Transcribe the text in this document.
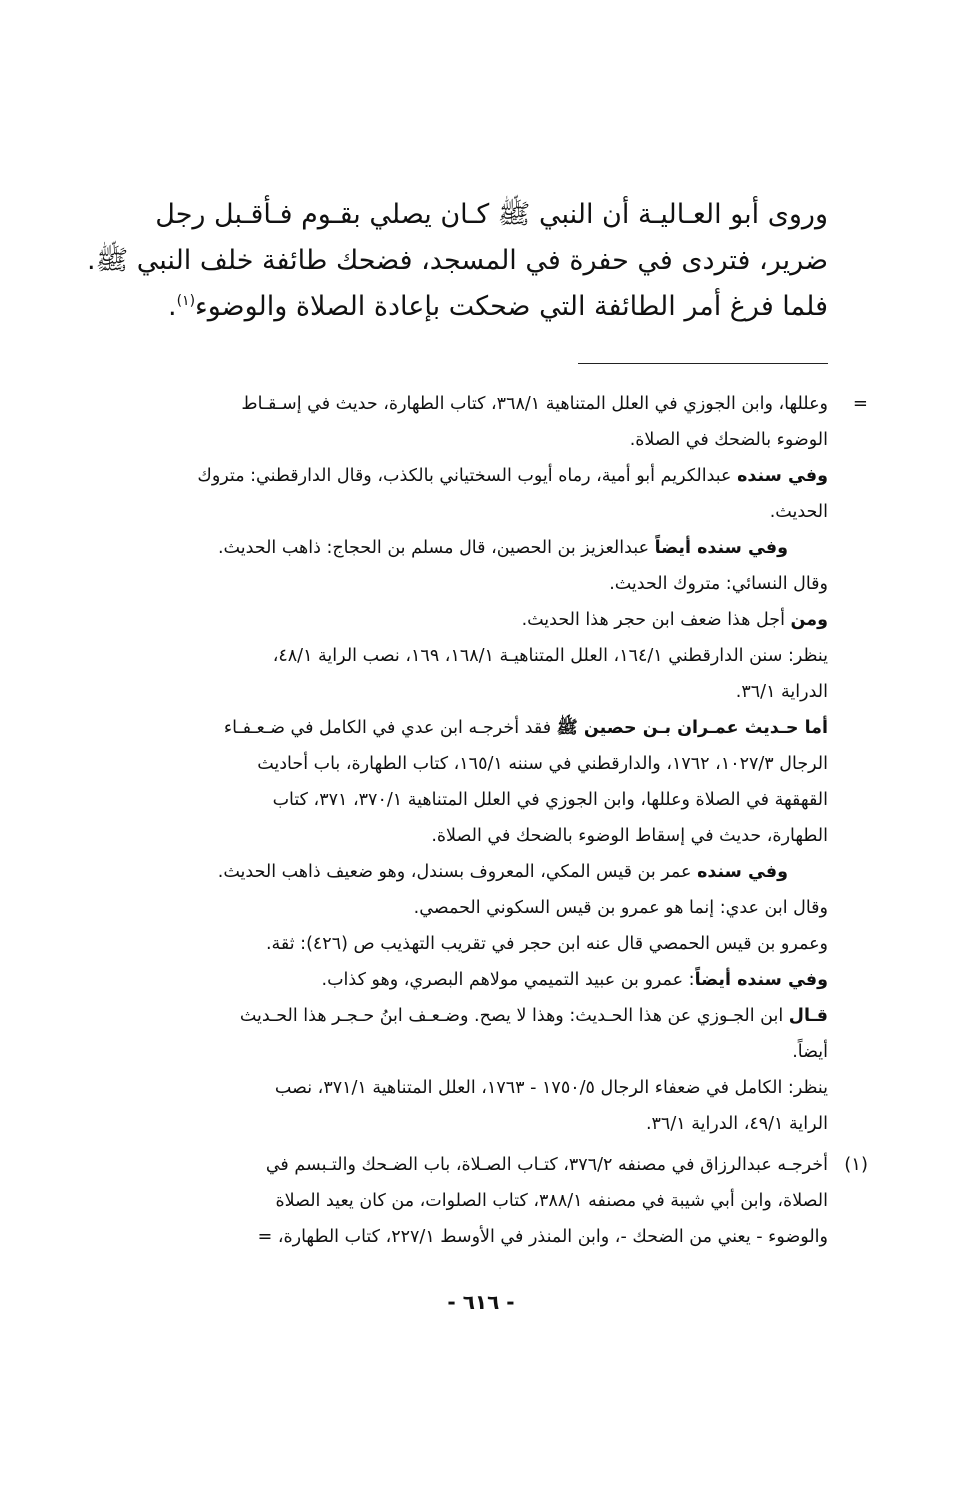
وروى أبو العـاليـة أن النبي ﷺ كـان يصلي بقـوم فـأقـبل رجل
ضرير، فتردى في حفرة في المسجد، فضحك طائفة خلف النبي ﷺ.
فلما فرغ أمر الطائفة التي ضحكت بإعادة الصلاة والوضوء$^{(١)}$.
=
وعللها، وابن الجوزي في العلل المتناهية ٣٦٨/١، كتاب الطهارة، حديث في إسـقـاط
الوضوء بالضحك في الصلاة.
وفي سنده عبدالكريم أبو أمية، رماه أيوب السختياني بالكذب، وقال الدارقطني: متروك
الحديث.
وفي سنده أيضاً عبدالعزيز بن الحصين، قال مسلم بن الحجاج: ذاهب الحديث.
وقال النسائي: متروك الحديث.
ومن أجل هذا ضعف ابن حجر هذا الحديث.
ينظر: سنن الدارقطني ١٦٤/١، العلل المتناهيـة ١٦٨/١، ١٦٩، نصب الراية ٤٨/١،
الدراية ٣٦/١.
أما حـديث عمـران بـن حصين ﷺ فقد أخرجـه ابن عدي في الكامل في ضـعـفـاء
الرجال ١٠٢٧/٣، ١٧٦٢، والدارقطني في سننه ١٦٥/١، كتاب الطهارة، باب أحاديث
القهقهة في الصلاة وعللها، وابن الجوزي في العلل المتناهية ٣٧٠/١، ٣٧١، كتاب
الطهارة، حديث في إسقاط الوضوء بالضحك في الصلاة.
وفي سنده عمر بن قيس المكي، المعروف بسندل، وهو ضعيف ذاهب الحديث.
وقال ابن عدي: إنما هو عمرو بن قيس السكوني الحمصي.
وعمرو بن قيس الحمصي قال عنه ابن حجر في تقريب التهذيب ص (٤٢٦): ثقة.
وفي سنده أيضاً: عمرو بن عبيد التميمي مولاهم البصري، وهو كذاب.
قـال ابن الجـوزي عن هذا الحـديث: وهذا لا يصح. وضـعـف ابنُ حـجـر هذا الحـديث
أيضاً.
ينظر: الكامل في ضعفاء الرجال ١٧٥٠/٥ - ١٧٦٣، العلل المتناهية ٣٧١/١، نصب
الراية ٤٩/١، الدراية ٣٦/١.
(١)
أخرجـه عبدالرزاق في مصنفه ٣٧٦/٢، كتـاب الصـلاة، باب الضـحك والتـبسم في
الصلاة، وابن أبي شيبة في مصنفه ٣٨٨/١، كتاب الصلوات، من كان يعيد الصلاة
والوضوء - يعني من الضحك -، وابن المنذر في الأوسط ٢٢٧/١، كتاب الطهارة، =
- ٦١٦ -
